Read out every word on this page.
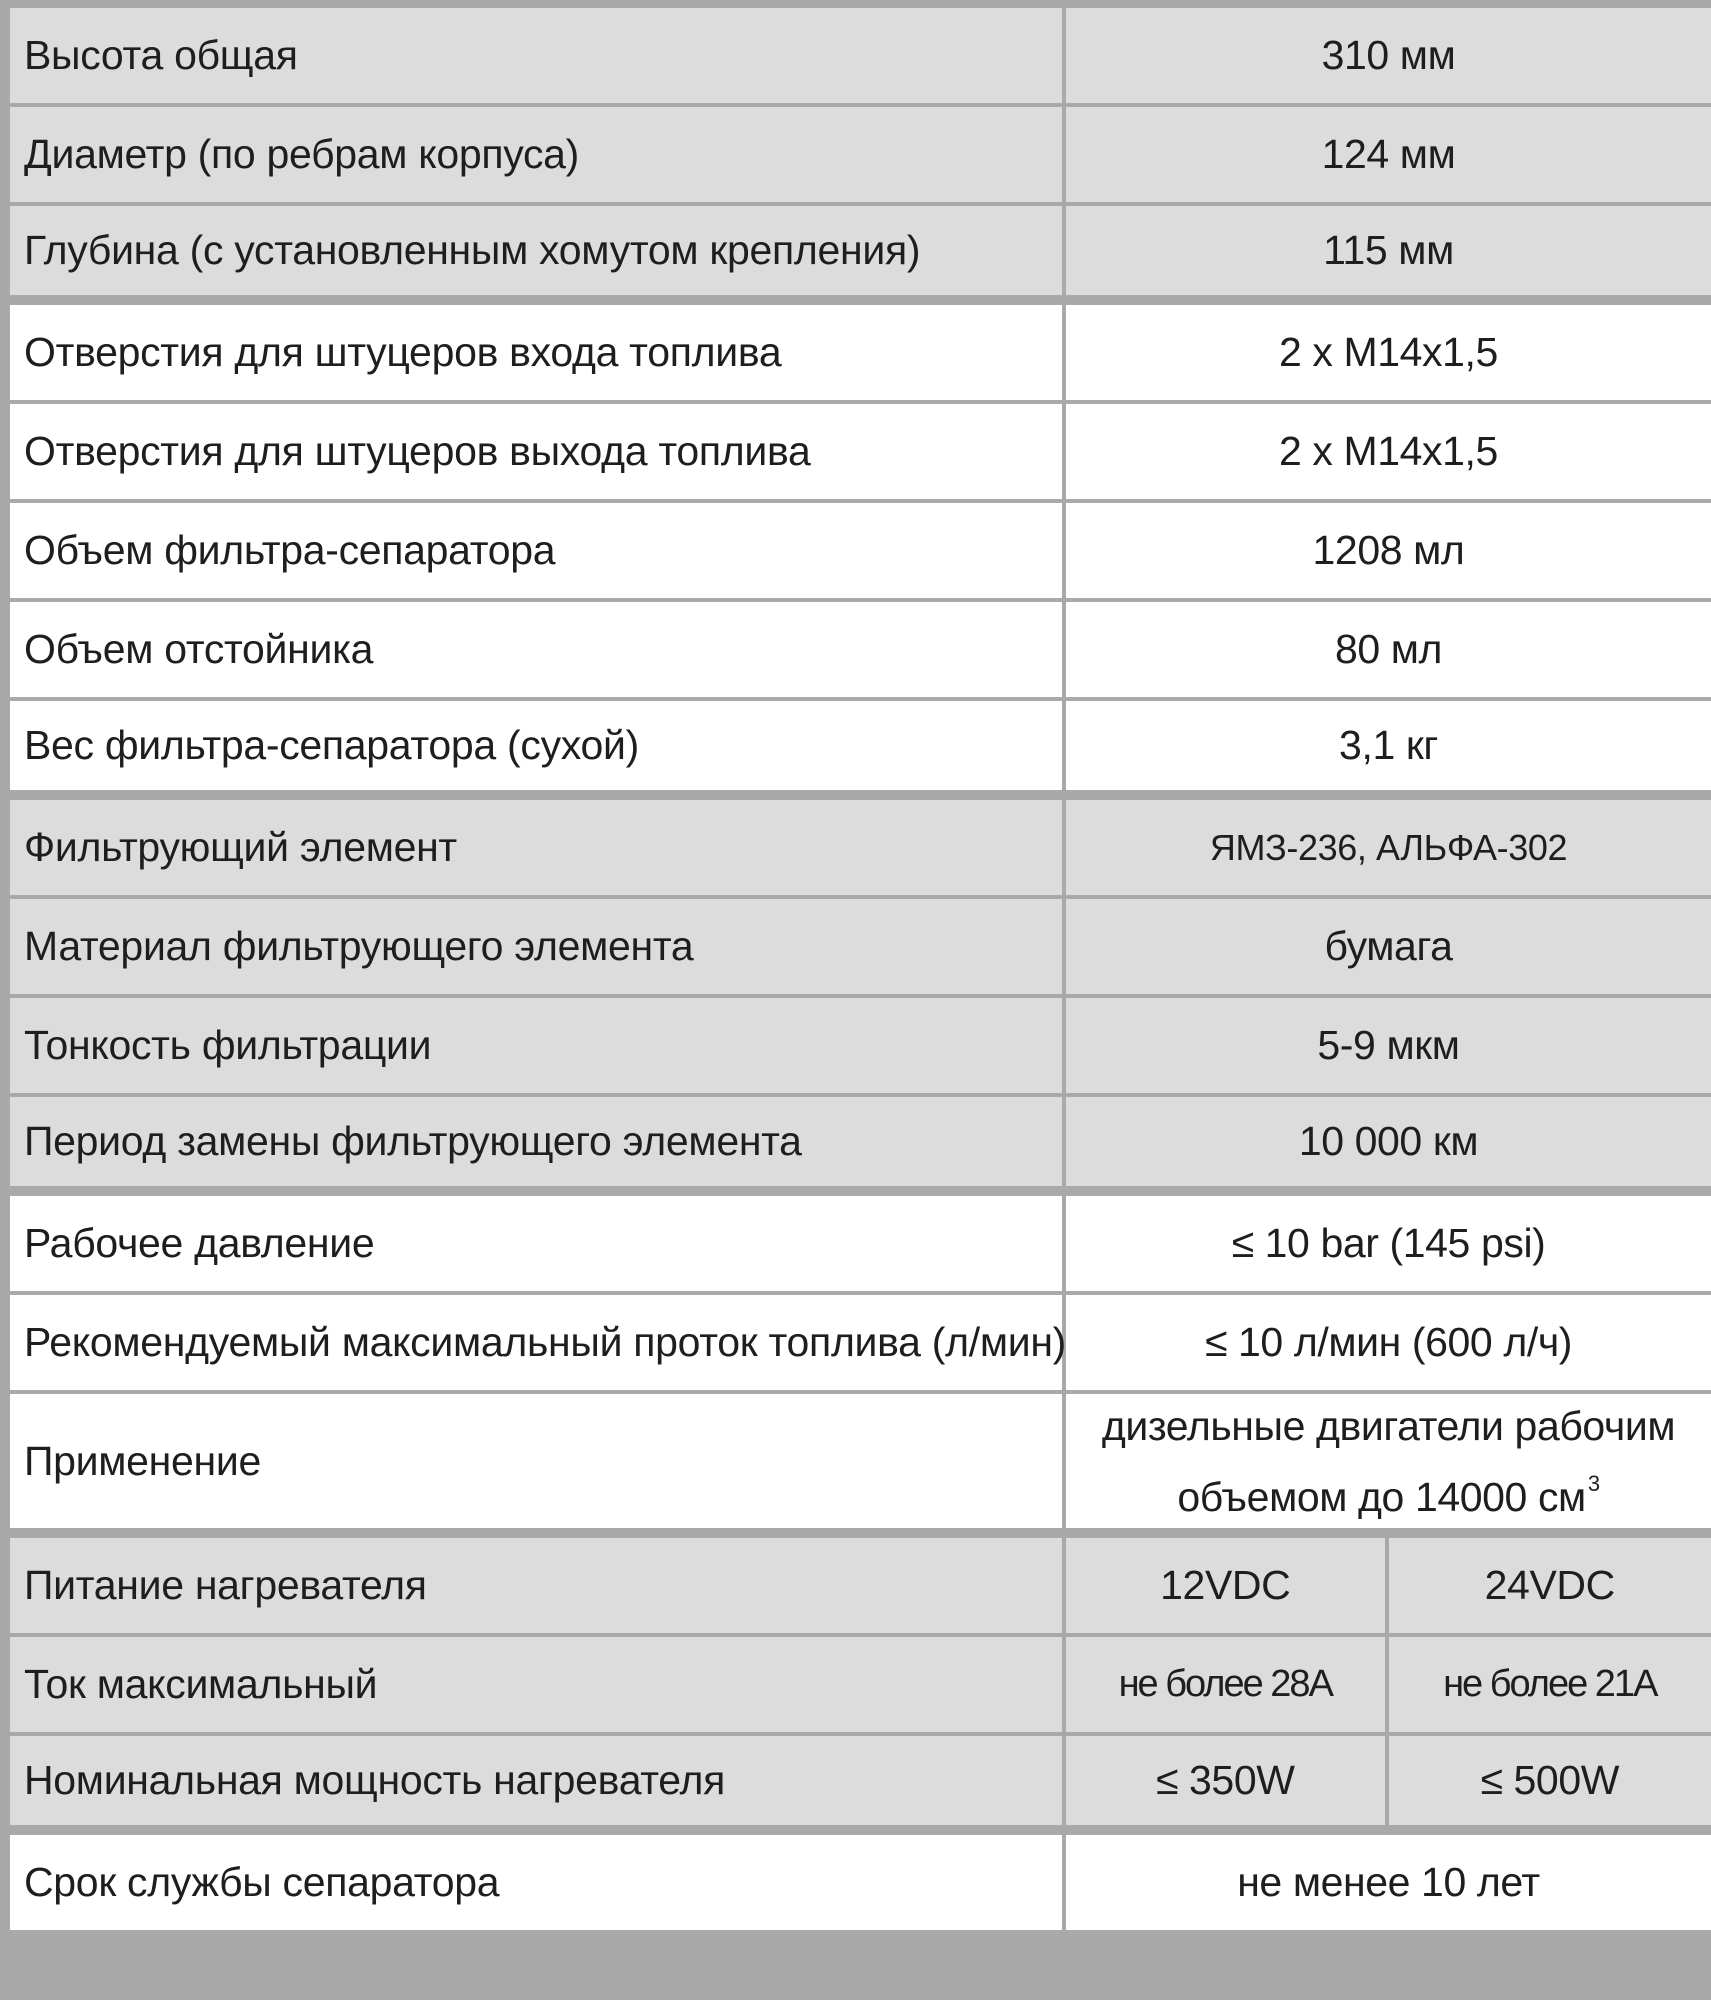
Высота общая	310 мм	
Диаметр (по ребрам корпуса)	124 мм	
Глубина (с установленным хомутом крепления)	115 мм	
Отверстия для штуцеров входа топлива	2 х М14х1,5	
Отверстия для штуцеров выхода топлива	2 х М14х1,5	
Объем фильтра-сепаратора	1208 мл	
Объем отстойника	80 мл	
Вес фильтра-сепаратора (сухой)	3,1 кг	
Фильтрующий элемент	ЯМЗ-236, АЛЬФА-302	
Материал фильтрующего элемента	бумага	
Тонкость фильтрации	5-9 мкм	
Период замены фильтрующего элемента	10 000 км	
Рабочее давление	≤ 10 bar (145 psi)	
Рекомендуемый максимальный проток топлива (л/мин)	≤ 10 л/мин (600 л/ч)	
Применение	дизельные двигатели рабочим
объемом до 14000 $см^3$
Питание нагревателя	12VDC	24VDC
Ток максимальный	не более 28А	не более 21А
Номинальная мощность нагревателя	≤ 350W	≤ 500W
Срок службы сепаратора	не менее 10 лет	
